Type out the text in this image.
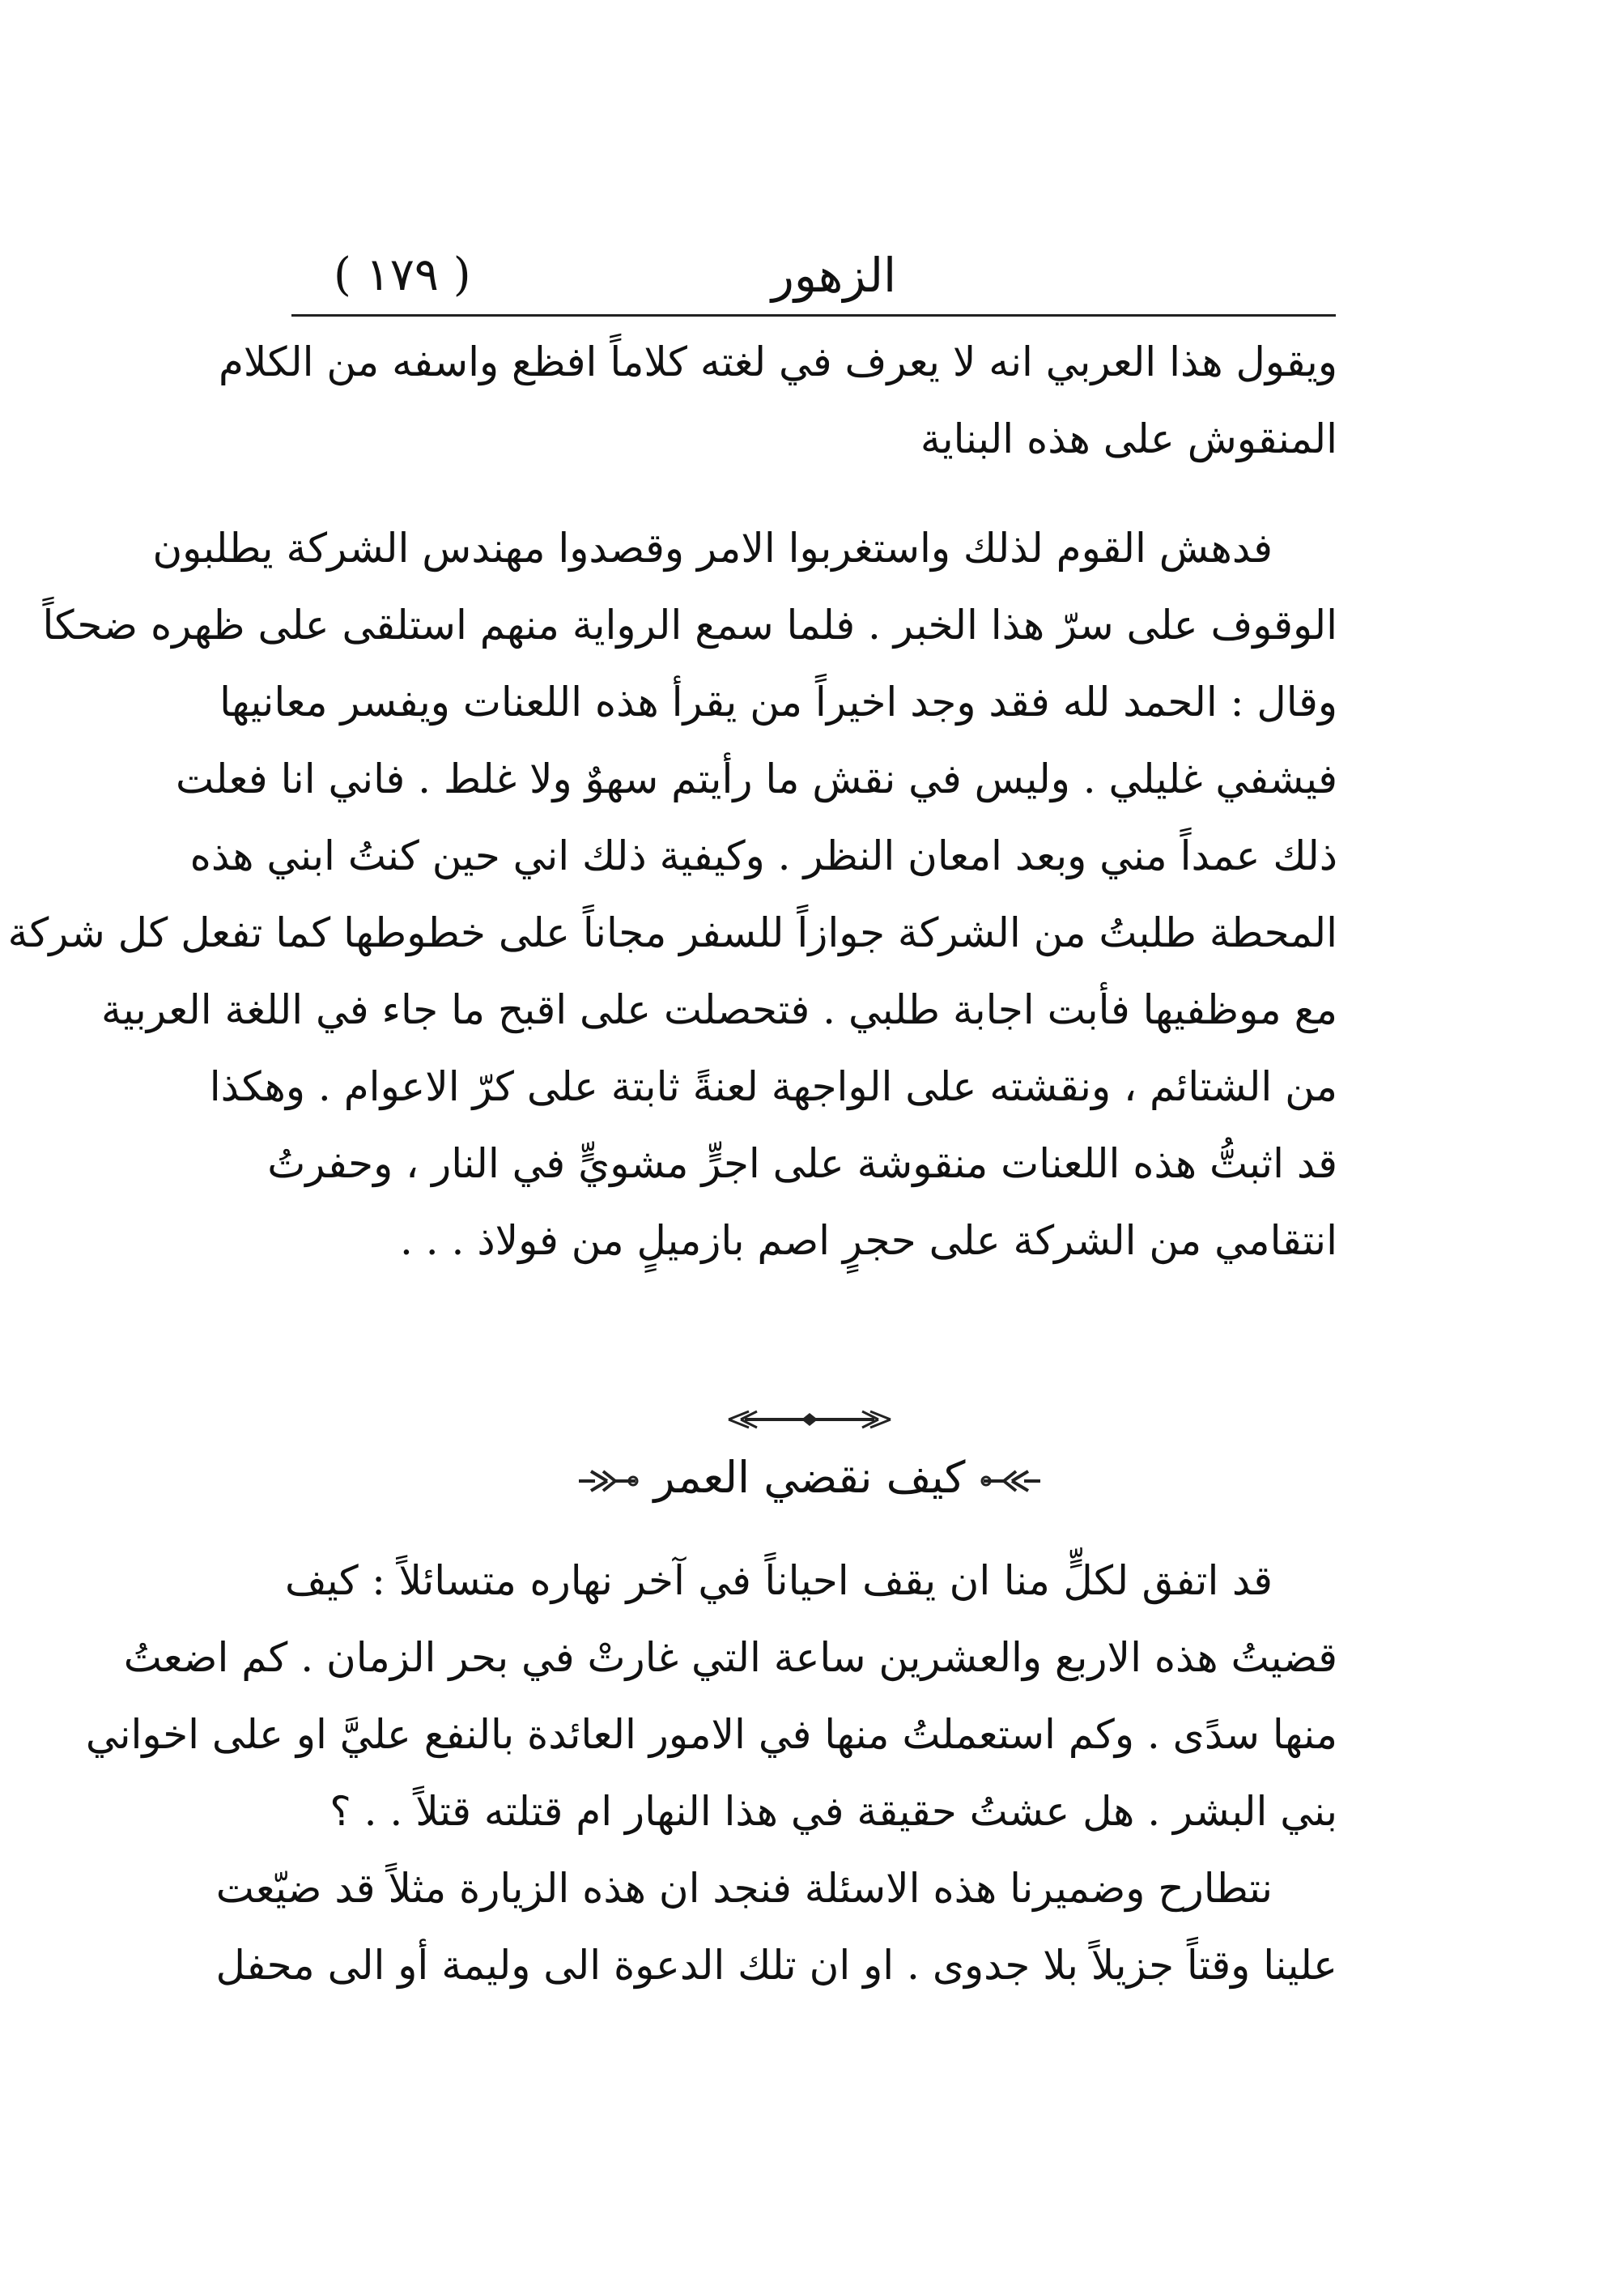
( ١٧٩ )	الزهور
ويقول هذا العربي انه لا يعرف في لغته كلاماً افظع واسفه من الكلام
المنقوش على هذه البناية
فدهش القوم لذلك واستغربوا الامر وقصدوا مهندس الشركة يطلبون
الوقوف على سرّ هذا الخبر . فلما سمع الرواية منهم استلقى على ظهره ضحكاً
وقال : الحمد لله فقد وجد اخيراً من يقرأ هذه اللعنات ويفسر معانيها
فيشفي غليلي . وليس في نقش ما رأيتم سهوٌ ولا غلط . فاني انا فعلت
ذلك عمداً مني وبعد امعان النظر . وكيفية ذلك اني حين كنتُ ابني هذه
المحطة طلبتُ من الشركة جوازاً للسفر مجاناً على خطوطها كما تفعل كل شركة
مع موظفيها فأبت اجابة طلبي . فتحصلت على اقبح ما جاء في اللغة العربية
من الشتائم ، ونقشته على الواجهة لعنةً ثابتة على كرّ الاعوام . وهكذا
قد اثبتُّ هذه اللعنات منقوشة على اجرٍّ مشويٍّ في النار ، وحفرتُ
انتقامي من الشركة على حجرٍ اصم بازميلٍ من فولاذ . . .
كيف نقضي العمر
قد اتفق لكلٍّ منا ان يقف احياناً في آخر نهاره متسائلاً : كيف
قضيتُ هذه الاربع والعشرين ساعة التي غارتْ في بحر الزمان . كم اضعتُ
منها سدًى . وكم استعملتُ منها في الامور العائدة بالنفع عليَّ او على اخواني
بني البشر . هل عشتُ حقيقة في هذا النهار ام قتلته قتلاً . . ؟
نتطارح وضميرنا هذه الاسئلة فنجد ان هذه الزيارة مثلاً قد ضيّعت
علينا وقتاً جزيلاً بلا جدوى . او ان تلك الدعوة الى وليمة أو الى محفل
